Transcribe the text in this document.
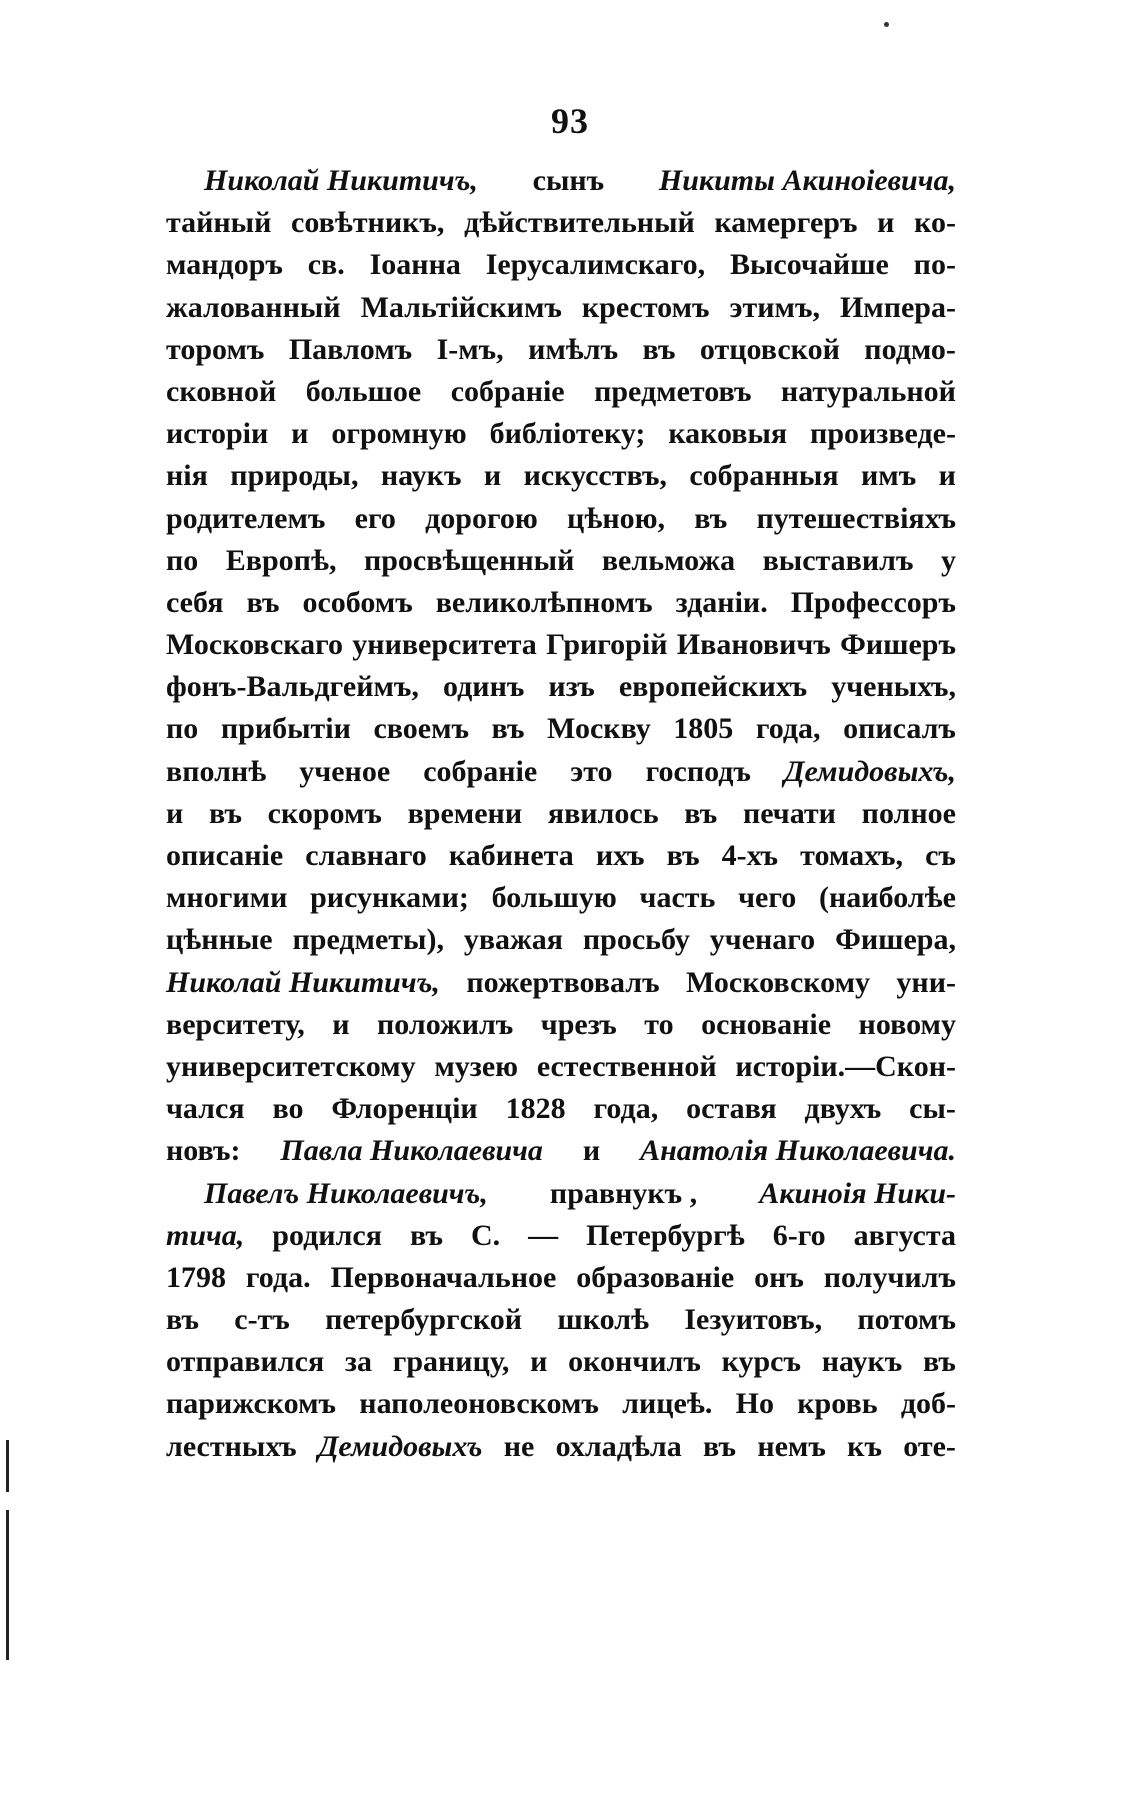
93
Николай Никитичъ, сынъ Никиты Акиноіевича,
тайный совѣтникъ, дѣйствительный камергеръ и ко-
мандоръ св. Іоанна Іерусалимскаго, Высочайше по-
жалованный Мальтійскимъ крестомъ этимъ, Импера-
торомъ Павломъ І-мъ, имѣлъ въ отцовской подмо-
сковной большое собраніе предметовъ натуральной
исторіи и огромную библіотеку; каковыя произведе-
нія природы, наукъ и искусствъ, собранныя имъ и
родителемъ его дорогою цѣною, въ путешествіяхъ
по Европѣ, просвѣщенный вельможа выставилъ у
себя въ особомъ великолѣпномъ зданіи. Профессоръ
Московскаго университета Григорій Ивановичъ Фишеръ
фонъ-Вальдгеймъ, одинъ изъ европейскихъ ученыхъ,
по прибытіи своемъ въ Москву 1805 года, описалъ
вполнѣ ученое собраніе это господъ Демидовыхъ,
и въ скоромъ времени явилось въ печати полное
описаніе славнаго кабинета ихъ въ 4-хъ томахъ, съ
многими рисунками; большую часть чего (наиболѣе
цѣнные предметы), уважая просьбу ученаго Фишера,
Николай Никитичъ, пожертвовалъ Московскому уни-
верситету, и положилъ чрезъ то основаніе новому
университетскому музею естественной исторіи.—Скон-
чался во Флоренціи 1828 года, оставя двухъ сы-
новъ: Павла Николаевича и Анатолія Николаевича.
Павелъ Николаевичъ, правнукъ , Акиноія Ники-
тича, родился въ С. — Петербургѣ 6-го августа
1798 года. Первоначальное образованіе онъ получилъ
въ с-тъ петербургской школѣ Іезуитовъ, потомъ
отправился за границу, и окончилъ курсъ наукъ въ
парижскомъ наполеоновскомъ лицеѣ. Но кровь доб-
лестныхъ Демидовыхъ не охладѣла въ немъ къ оте-
